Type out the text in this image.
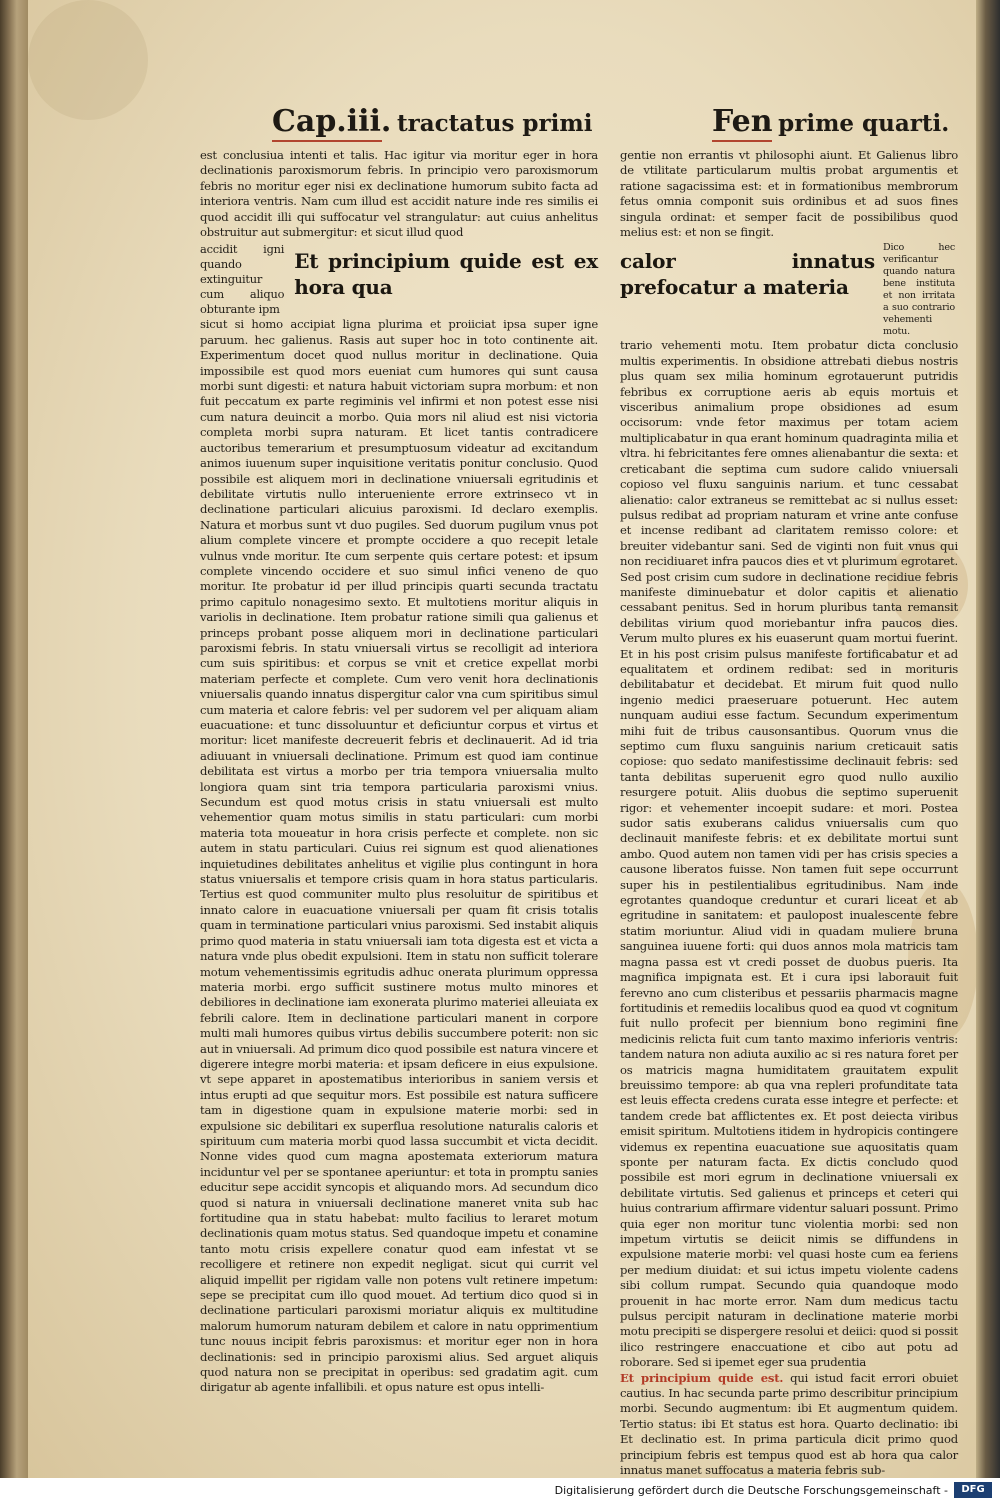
Cap.iii. tractatus primi	Fen prime quarti.

est conclusiua intenti et talis. Hac igitur via moritur eger in hora declinationis paroxismorum febris. In principio vero paroxismorum febris no moritur eger nisi ex declinatione humorum subito facta ad interiora ventris. Nam cum illud est accidit nature inde res similis ei quod accidit illi qui suffocatur vel strangulatur: aut cuius anhelitus obstruitur aut submergitur: et sicut illud quod

accidit igni quando extinguitur cum aliquo obturante ipm
Et principium quide est ex hora qua

sicut si homo accipiat ligna plurima et proiiciat ipsa super igne paruum. hec galienus. Rasis aut super hoc in toto continente ait. Experimentum docet quod nullus moritur in declinatione. Quia impossibile est quod mors eueniat cum humores qui sunt causa morbi sunt digesti: et natura habuit victoriam supra morbum: et non fuit peccatum ex parte regiminis vel infirmi et non potest esse nisi cum natura deuincit a morbo. Quia mors nil aliud est nisi victoria completa morbi supra naturam. Et licet tantis contradicere auctoribus temerarium et presumptuosum videatur ad excitandum animos iuuenum super inquisitione veritatis ponitur conclusio. Quod possibile est aliquem mori in declinatione vniuersali egritudinis et debilitate virtutis nullo interueniente errore extrinseco vt in declinatione particulari alicuius paroxismi. Id declaro exemplis. Natura et morbus sunt vt duo pugiles. Sed duorum pugilum vnus pot alium complete vincere et prompte occidere a quo recepit letale vulnus vnde moritur. Ite cum serpente quis certare potest: et ipsum complete vincendo occidere et suo simul infici veneno de quo moritur. Ite probatur id per illud principis quarti secunda tractatu primo capitulo nonagesimo sexto. Et multotiens moritur aliquis in variolis in declinatione. Item probatur ratione simili qua galienus et princeps probant posse aliquem mori in declinatione particulari paroxismi febris. In statu vniuersali virtus se recolligit ad interiora cum suis spiritibus: et corpus se vnit et cretice expellat morbi materiam perfecte et complete. Cum vero venit hora declinationis vniuersalis quando innatus dispergitur calor vna cum spiritibus simul cum materia et calore febris: vel per sudorem vel per aliquam aliam euacuatione: et tunc dissoluuntur et deficiuntur corpus et virtus et moritur: licet manifeste decreuerit febris et declinauerit. Ad id tria adiuuant in vniuersali declinatione. Primum est quod iam continue debilitata est virtus a morbo per tria tempora vniuersalia multo longiora quam sint tria tempora particularia paroxismi vnius. Secundum est quod motus crisis in statu vniuersali est multo vehementior quam motus similis in statu particulari: cum morbi materia tota moueatur in hora crisis perfecte et complete. non sic autem in statu particulari. Cuius rei signum est quod alienationes inquietudines debilitates anhelitus et vigilie plus contingunt in hora status vniuersalis et tempore crisis quam in hora status particularis. Tertius est quod communiter multo plus resoluitur de spiritibus et innato calore in euacuatione vniuersali per quam fit crisis totalis quam in terminatione particulari vnius paroxismi. Sed instabit aliquis primo quod materia in statu vniuersali iam tota digesta est et victa a natura vnde plus obedit expulsioni. Item in statu non sufficit tolerare motum vehementissimis egritudis adhuc onerata plurimum oppressa materia morbi. ergo sufficit sustinere motus multo minores et debiliores in declinatione iam exonerata plurimo materiei alleuiata ex febrili calore. Item in declinatione particulari manent in corpore multi mali humores quibus virtus debilis succumbere poterit: non sic aut in vniuersali. Ad primum dico quod possibile est natura vincere et digerere integre morbi materia: et ipsam deficere in eius expulsione. vt sepe apparet in apostematibus interioribus in saniem versis et intus erupti ad que sequitur mors. Est possibile est natura sufficere tam in digestione quam in expulsione materie morbi: sed in expulsione sic debilitari ex superflua resolutione naturalis caloris et spirituum cum materia morbi quod lassa succumbit et victa decidit. Nonne vides quod cum magna apostemata exteriorum matura inciduntur vel per se spontanee aperiuntur: et tota in promptu sanies educitur sepe accidit syncopis et aliquando mors. Ad secundum dico quod si natura in vniuersali declinatione maneret vnita sub hac fortitudine qua in statu habebat: multo facilius to leraret motum declinationis quam motus status. Sed quandoque impetu et conamine tanto motu crisis expellere conatur quod eam infestat vt se recolligere et retinere non expedit negligat. sicut qui currit vel aliquid impellit per rigidam valle non potens vult retinere impetum: sepe se precipitat cum illo quod mouet. Ad tertium dico quod si in declinatione particulari paroxismi moriatur aliquis ex multitudine malorum humorum naturam debilem et calore in natu opprimentium tunc nouus incipit febris paroxismus: et moritur eger non in hora declinationis: sed in principio paroxismi alius. Sed arguet aliquis quod natura non se precipitat in operibus: sed gradatim agit. cum dirigatur ab agente infallibili. et opus nature est opus intelli-

gentie non errantis vt philosophi aiunt. Et Galienus libro de vtilitate particularum multis probat argumentis et ratione sagacissima est: et in formationibus membrorum fetus omnia componit suis ordinibus et ad suos fines singula ordinat: et semper facit de possibilibus quod melius est: et non se fingit.

calor innatus prefocatur a materia
Dico hec verificantur quando natura bene instituta et non irritata a suo contrario vehementi motu.

trario vehementi motu. Item probatur dicta conclusio multis experimentis. In obsidione attrebati diebus nostris plus quam sex milia hominum egrotauerunt putridis febribus ex corruptione aeris ab equis mortuis et visceribus animalium prope obsidiones ad esum occisorum: vnde fetor maximus per totam aciem multiplicabatur in qua erant hominum quadraginta milia et vltra. hi febricitantes fere omnes alienabantur die sexta: et creticabant die septima cum sudore calido vniuersali copioso vel fluxu sanguinis narium. et tunc cessabat alienatio: calor extraneus se remittebat ac si nullus esset: pulsus redibat ad propriam naturam et vrine ante confuse et incense redibant ad claritatem remisso colore: et breuiter videbantur sani. Sed de viginti non fuit vnus qui non recidiuaret infra paucos dies et vt plurimum egrotaret. Sed post crisim cum sudore in declinatione recidiue febris manifeste diminuebatur et dolor capitis et alienatio cessabant penitus. Sed in horum pluribus tanta remansit debilitas virium quod moriebantur infra paucos dies. Verum multo plures ex his euaserunt quam mortui fuerint. Et in his post crisim pulsus manifeste fortificabatur et ad equalitatem et ordinem redibat: sed in morituris debilitabatur et decidebat. Et mirum fuit quod nullo ingenio medici praeseruare potuerunt. Hec autem nunquam audiui esse factum. Secundum experimentum mihi fuit de tribus causonsantibus. Quorum vnus die septimo cum fluxu sanguinis narium creticauit satis copiose: quo sedato manifestissime declinauit febris: sed tanta debilitas superuenit egro quod nullo auxilio resurgere potuit. Aliis duobus die septimo superuenit rigor: et vehementer incoepit sudare: et mori. Postea sudor satis exuberans calidus vniuersalis cum quo declinauit manifeste febris: et ex debilitate mortui sunt ambo. Quod autem non tamen vidi per has crisis species a causone liberatos fuisse. Non tamen fuit sepe occurrunt super his in pestilentialibus egritudinibus. Nam inde egrotantes quandoque creduntur et curari liceat et ab egritudine in sanitatem: et paulopost inualescente febre statim moriuntur. Aliud vidi in quadam muliere bruna sanguinea iuuene forti: qui duos annos mola matricis tam magna passa est vt credi posset de duobus pueris. Ita magnifica impignata est. Et i cura ipsi laborauit fuit ferevno ano cum clisteribus et pessariis pharmacis magne fortitudinis et remediis localibus quod ea quod vt cognitum fuit nullo profecit per biennium bono regimini fine medicinis relicta fuit cum tanto maximo inferioris ventris: tandem natura non adiuta auxilio ac si res natura foret per os matricis magna humiditatem grauitatem expulit breuissimo tempore: ab qua vna repleri profunditate tata est leuis effecta credens curata esse integre et perfecte: et tandem crede bat afflictentes ex. Et post deiecta viribus emisit spiritum. Multotiens itidem in hydropicis contingere videmus ex repentina euacuatione sue aquositatis quam sponte per naturam facta. Ex dictis concludo quod possibile est mori egrum in declinatione vniuersali ex debilitate virtutis. Sed galienus et princeps et ceteri qui huius contrarium affirmare videntur saluari possunt. Primo quia eger non moritur tunc violentia morbi: sed non impetum virtutis se deiicit nimis se diffundens in expulsione materie morbi: vel quasi hoste cum ea feriens per medium diuidat: et sui ictus impetu violente cadens sibi collum rumpat. Secundo quia quandoque modo prouenit in hac morte error. Nam dum medicus tactu pulsus percipit naturam in declinatione materie morbi motu precipiti se dispergere resolui et deiici: quod si possit ilico restringere enaccuatione et cibo aut potu ad roborare. Sed si ipemet eger sua prudentia

Et principium quide est. qui istud facit errori obuiet cautius. In hac secunda parte primo describitur principium morbi. Secundo augmentum: ibi Et augmentum quidem. Tertio status: ibi Et status est hora. Quarto declinatio: ibi Et declinatio est. In prima particula dicit primo quod principium febris est tempus quod est ab hora qua calor innatus manet suffocatus a materia febris sub-

Digitalisierung gefördert durch die Deutsche Forschungsgemeinschaft -	DFG
